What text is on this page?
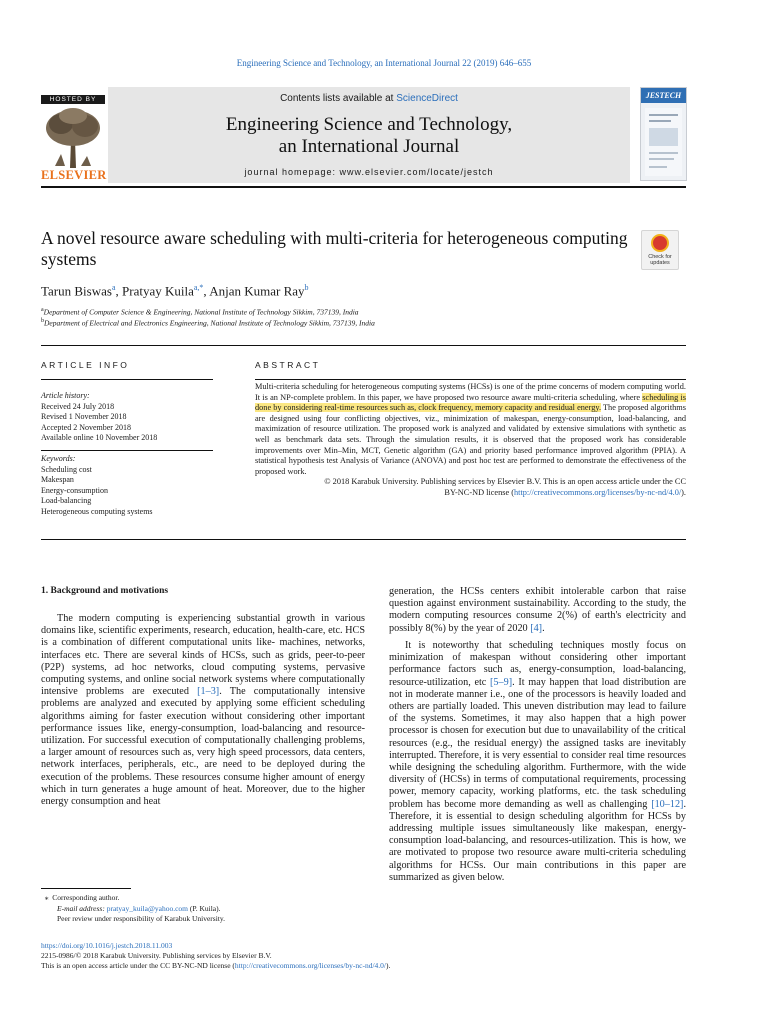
Engineering Science and Technology, an International Journal 22 (2019) 646–655
HOSTED BY
ELSEVIER
Contents lists available at ScienceDirect
Engineering Science and Technology,
an International Journal
journal homepage: www.elsevier.com/locate/jestch
JESTECH
A novel resource aware scheduling with multi-criteria for heterogeneous computing systems	Check for
updates
Tarun Biswas$^a$, Pratyay Kuila$^{a,*}$, Anjan Kumar Ray$^b$
$^a$Department of Computer Science & Engineering, National Institute of Technology Sikkim, 737139, India
$^b$Department of Electrical and Electronics Engineering, National Institute of Technology Sikkim, 737139, India
ARTICLE INFO
Article history:
Received 24 July 2018
Revised 1 November 2018
Accepted 2 November 2018
Available online 10 November 2018
Keywords:
Scheduling cost
Makespan
Energy-consumption
Load-balancing
Heterogeneous computing systems
ABSTRACT
Multi-criteria scheduling for heterogeneous computing systems (HCSs) is one of the prime concerns of modern computing world. It is an NP-complete problem. In this paper, we have proposed two resource aware multi-criteria scheduling, where scheduling is done by considering real-time resources such as, clock frequency, memory capacity and residual energy. The proposed algorithms are designed using four conflicting objectives, viz., minimization of makespan, energy-consumption, load-balancing, and maximization of resource utilization. The proposed work is analyzed and validated by extensive simulations with synthetic as well as benchmark data sets. Through the simulation results, it is observed that the proposed work has considerable improvements over Min–Min, MCT, Genetic algorithm (GA) and priority based performance improved algorithm (PPIA). A statistical hypothesis test Analysis of Variance (ANOVA) and post hoc test are performed to demonstrate the effectiveness of the proposed work.
© 2018 Karabuk University. Publishing services by Elsevier B.V. This is an open access article under the CC
BY-NC-ND license (http://creativecommons.org/licenses/by-nc-nd/4.0/).
1. Background and motivations
The modern computing is experiencing substantial growth in various domains like, scientific experiments, research, education, health-care, etc. HCS is a combination of different computational units like- machines, networks, interfaces etc. There are several kinds of HCSs, such as grids, peer-to-peer (P2P) systems, ad hoc networks, cloud computing systems, pervasive computing systems, and online social network systems where computationally intensive problems are executed [1–3]. The computationally intensive problems are analyzed and executed by applying some efficient scheduling algorithms aiming for faster execution without considering other important performance issues like, energy-consumption, load-balancing and resource-utilization. For successful execution of computationally challenging problems, a larger amount of resources such as, very high speed processors, data centers, network interfaces, peripherals, etc., are need to be deployed during the execution of the problems. These resources consume higher amount of energy which in turn generates a huge amount of heat. Moreover, due to the higher energy consumption and heat
generation, the HCSs centers exhibit intolerable carbon that raise question against environment sustainability. According to the study, the modern computing resources consume 2(%) of earth's electricity and possibly 8(%) by the year of 2020 [4].
It is noteworthy that scheduling techniques mostly focus on minimization of makespan without considering other important performance factors such as, energy-consumption, load-balancing, resource-utilization, etc [5–9]. It may happen that load distribution are not in moderate manner i.e., one of the processors is heavily loaded and others are partially loaded. This uneven distribution may lead to failure of the systems. Sometimes, it may also happen that a high power processor is chosen for execution but due to unavailability of the critical resources (e.g., the residual energy) the assigned tasks are inevitably interrupted. Therefore, it is very essential to consider real time resources while designing the scheduling algorithm. Furthermore, with the wide diversity of (HCSs) in terms of computational requirements, processing power, memory capacity, working platforms, etc. the task scheduling problem has become more demanding as well as challenging [10–12]. Therefore, it is essential to design scheduling algorithm for HCSs by addressing multiple issues simultaneously like makespan, energy-consumption load-balancing, and resources-utilization. This is how, we are motivated to propose two resource aware multi-criteria scheduling algorithms for HCSs. Our main contributions in this paper are summarized as given below.
⁎ Corresponding author.
E-mail address: pratyay_kuila@yahoo.com (P. Kuila).
Peer review under responsibility of Karabuk University.
https://doi.org/10.1016/j.jestch.2018.11.003
2215-0986/© 2018 Karabuk University. Publishing services by Elsevier B.V.
This is an open access article under the CC BY-NC-ND license (http://creativecommons.org/licenses/by-nc-nd/4.0/).
